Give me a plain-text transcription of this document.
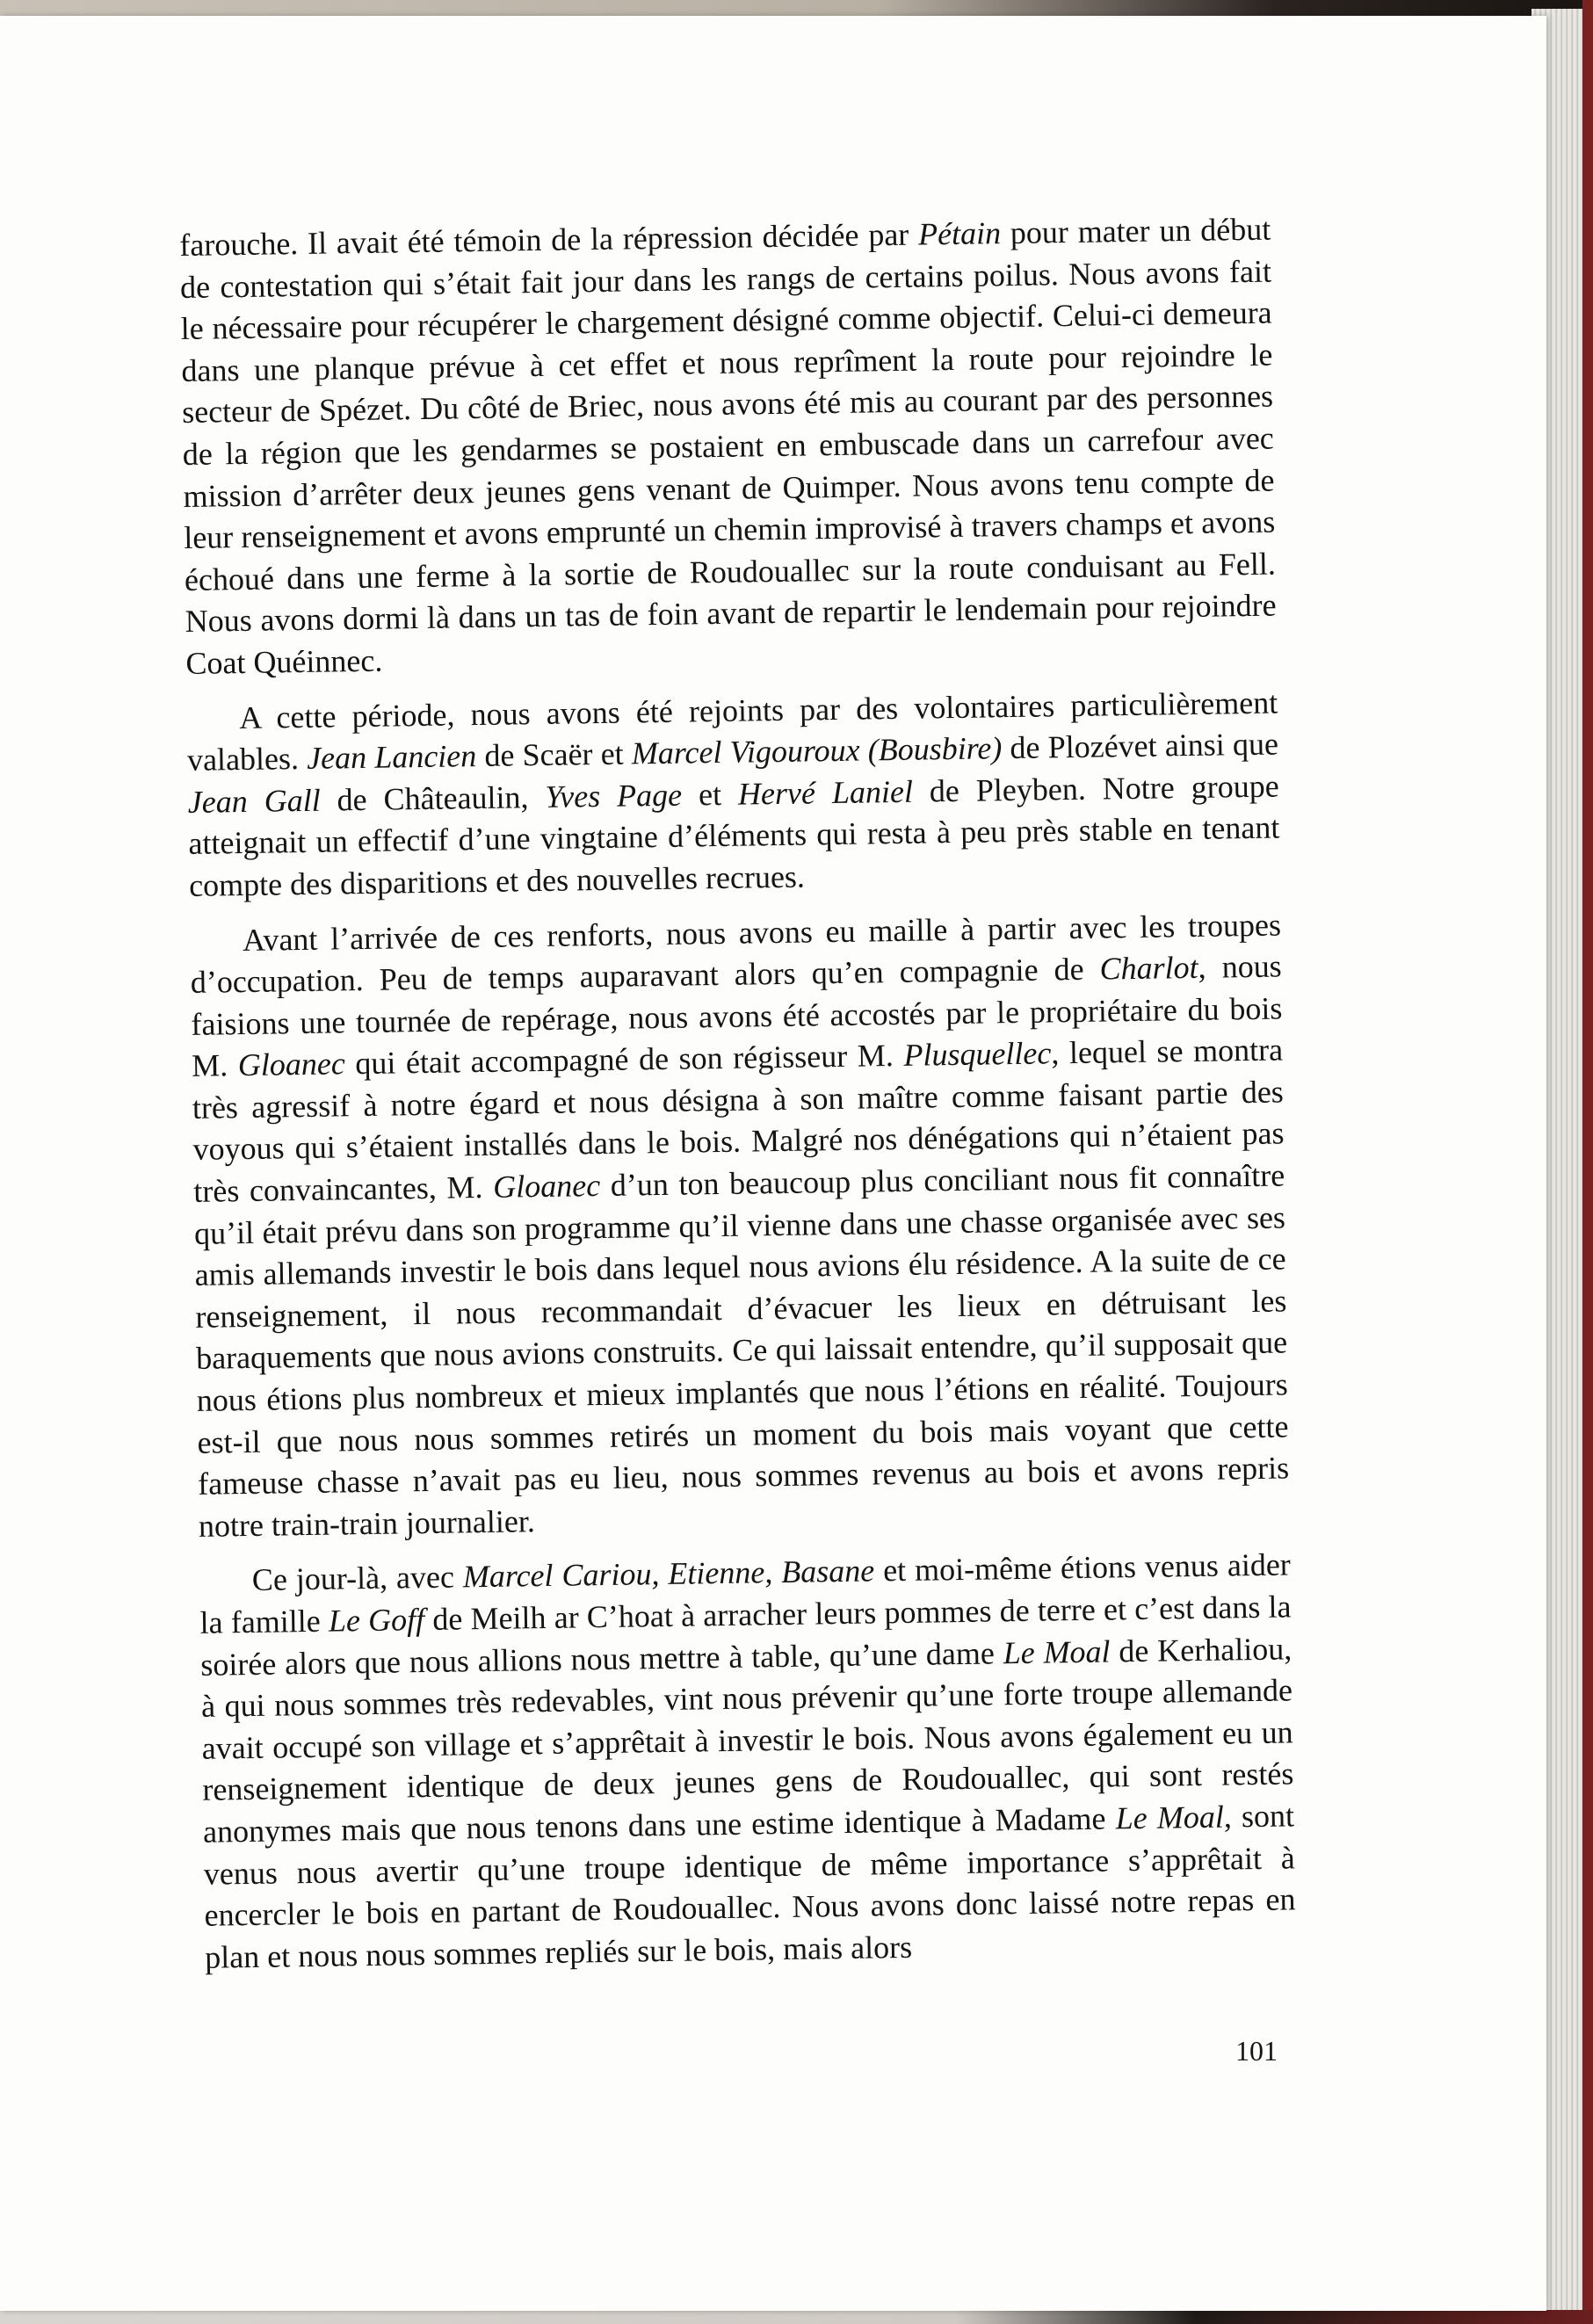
farouche. Il avait été témoin de la répression décidée par Pétain pour mater un début de contestation qui s’était fait jour dans les rangs de certains poilus. Nous avons fait le nécessaire pour récupérer le chargement désigné comme objectif. Celui-ci demeura dans une planque prévue à cet effet et nous reprîment la route pour rejoindre le secteur de Spézet. Du côté de Briec, nous avons été mis au courant par des personnes de la région que les gendarmes se postaient en embuscade dans un carrefour avec mission d’arrêter deux jeunes gens venant de Quimper. Nous avons tenu compte de leur renseignement et avons emprunté un chemin improvisé à travers champs et avons échoué dans une ferme à la sortie de Roudouallec sur la route conduisant au Fell. Nous avons dormi là dans un tas de foin avant de repartir le lendemain pour rejoindre Coat Quéinnec.

A cette période, nous avons été rejoints par des volontaires particulièrement valables. Jean Lancien de Scaër et Marcel Vigouroux (Bousbire) de Plozévet ainsi que Jean Gall de Châteaulin, Yves Page et Hervé Laniel de Pleyben. Notre groupe atteignait un effectif d’une vingtaine d’éléments qui resta à peu près stable en tenant compte des disparitions et des nouvelles recrues.

Avant l’arrivée de ces renforts, nous avons eu maille à partir avec les troupes d’occupation. Peu de temps auparavant alors qu’en compagnie de Charlot, nous faisions une tournée de repérage, nous avons été accostés par le propriétaire du bois M. Gloanec qui était accompagné de son régisseur M. Plusquellec, lequel se montra très agressif à notre égard et nous désigna à son maître comme faisant partie des voyous qui s’étaient installés dans le bois. Malgré nos dénégations qui n’étaient pas très convaincantes, M. Gloanec d’un ton beaucoup plus conciliant nous fit connaître qu’il était prévu dans son programme qu’il vienne dans une chasse organisée avec ses amis allemands investir le bois dans lequel nous avions élu résidence. A la suite de ce renseignement, il nous recommandait d’évacuer les lieux en détruisant les baraquements que nous avions construits. Ce qui laissait entendre, qu’il supposait que nous étions plus nombreux et mieux implantés que nous l’étions en réalité. Toujours est-il que nous nous sommes retirés un moment du bois mais voyant que cette fameuse chasse n’avait pas eu lieu, nous sommes revenus au bois et avons repris notre train-train journalier.

Ce jour-là, avec Marcel Cariou, Etienne, Basane et moi-même étions venus aider la famille Le Goff de Meilh ar C’hoat à arracher leurs pommes de terre et c’est dans la soirée alors que nous allions nous mettre à table, qu’une dame Le Moal de Kerhaliou, à qui nous sommes très redevables, vint nous prévenir qu’une forte troupe allemande avait occupé son village et s’apprêtait à investir le bois. Nous avons également eu un renseignement identique de deux jeunes gens de Roudouallec, qui sont restés anonymes mais que nous tenons dans une estime identique à Madame Le Moal, sont venus nous avertir qu’une troupe identique de même importance s’apprêtait à encercler le bois en partant de Roudouallec. Nous avons donc laissé notre repas en plan et nous nous sommes repliés sur le bois, mais alors

101
